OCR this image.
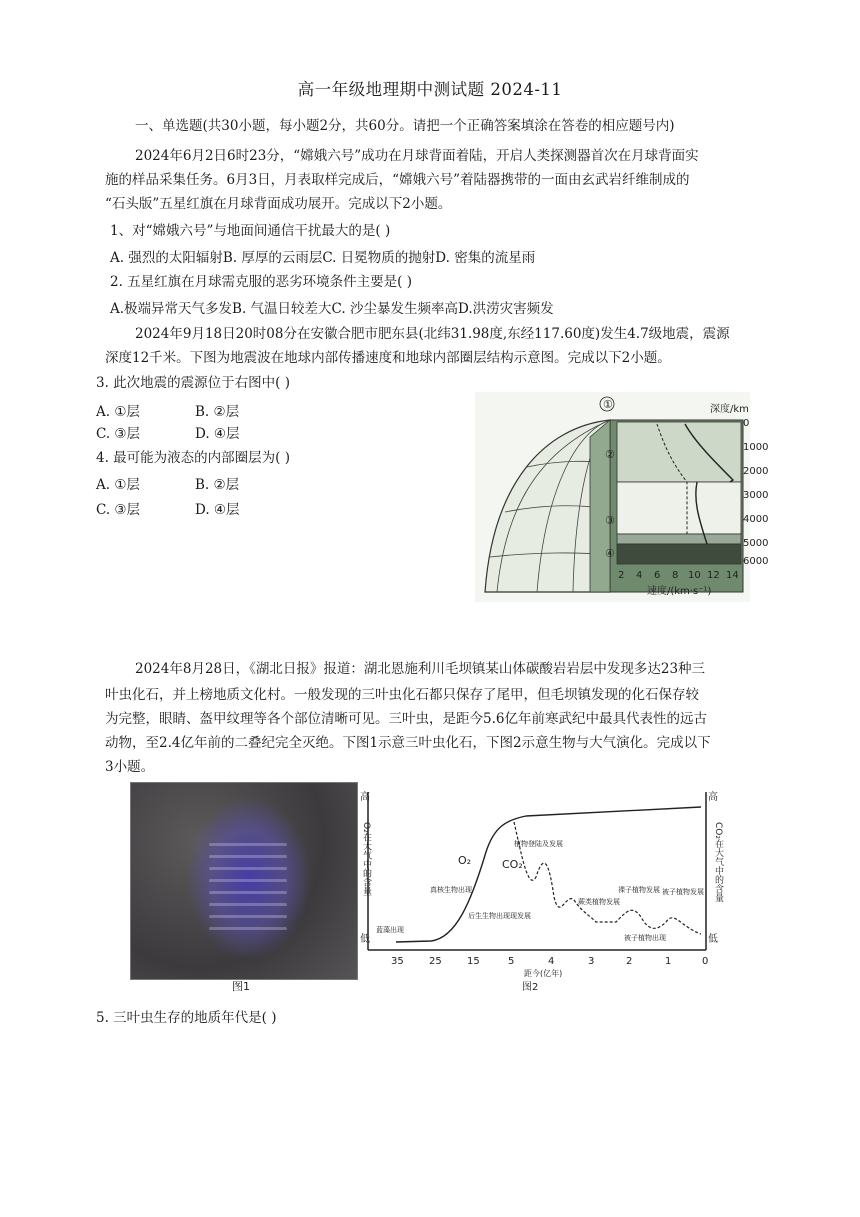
高一年级地理期中测试题 2024-11
一、单选题(共30小题，每小题2分，共60分。请把一个正确答案填涂在答卷的相应题号内)
2024年6月2日6时23分，“嫦娥六号”成功在月球背面着陆，开启人类探测器首次在月球背面实
施的样品采集任务。6月3日，月表取样完成后，“嫦娥六号”着陆器携带的一面由玄武岩纤维制成的
“石头版”五星红旗在月球背面成功展开。完成以下2小题。
1、对“嫦娥六号”与地面间通信干扰最大的是( )
A. 强烈的太阳辐射B. 厚厚的云雨层C. 日冕物质的抛射D. 密集的流星雨
2. 五星红旗在月球需克服的恶劣环境条件主要是( )
A.极端异常天气多发B. 气温日较差大C. 沙尘暴发生频率高D.洪涝灾害频发
2024年9月18日20时08分在安徽合肥市肥东县(北纬31.98度,东经117.60度)发生4.7级地震，震源
深度12千米。下图为地震波在地球内部传播速度和地球内部圈层结构示意图。完成以下2小题。
3. 此次地震的震源位于右图中( )
A. ①层	B. ②层
C. ③层	D. ④层
4. 最可能为液态的内部圈层为( )
A. ①层	B. ②层
C. ③层	D. ④层
①
②
③
④
深度/km
0
1000
2000
3000
4000
5000
6000
2 4 6 8 10 12 14
速度/(km·s⁻¹)
2024年8月28日，《湖北日报》报道：湖北恩施利川毛坝镇某山体碳酸岩岩层中发现多达23种三
叶虫化石，并上榜地质文化村。一般发现的三叶虫化石都只保存了尾甲，但毛坝镇发现的化石保存较
为完整，眼睛、盔甲纹理等各个部位清晰可见。三叶虫，是距今5.6亿年前寒武纪中最具代表性的远古
动物，至2.4亿年前的二叠纪完全灭绝。下图1示意三叶虫化石，下图2示意生物与大气演化。完成以下
3小题。
图1
高
低
高
低
O₂	CO₂
蓝藻出现
真核生物出现
后生生物出现现发展
植物登陆及发展
蕨类植物发展
裸子植物发展
被子植物出现
被子植物发展
35	25	15	5	4	3	2	1	0
距今(亿年)
图2
O₂在大气中的含量	CO₂在大气中的含量
5. 三叶虫生存的地质年代是( )
